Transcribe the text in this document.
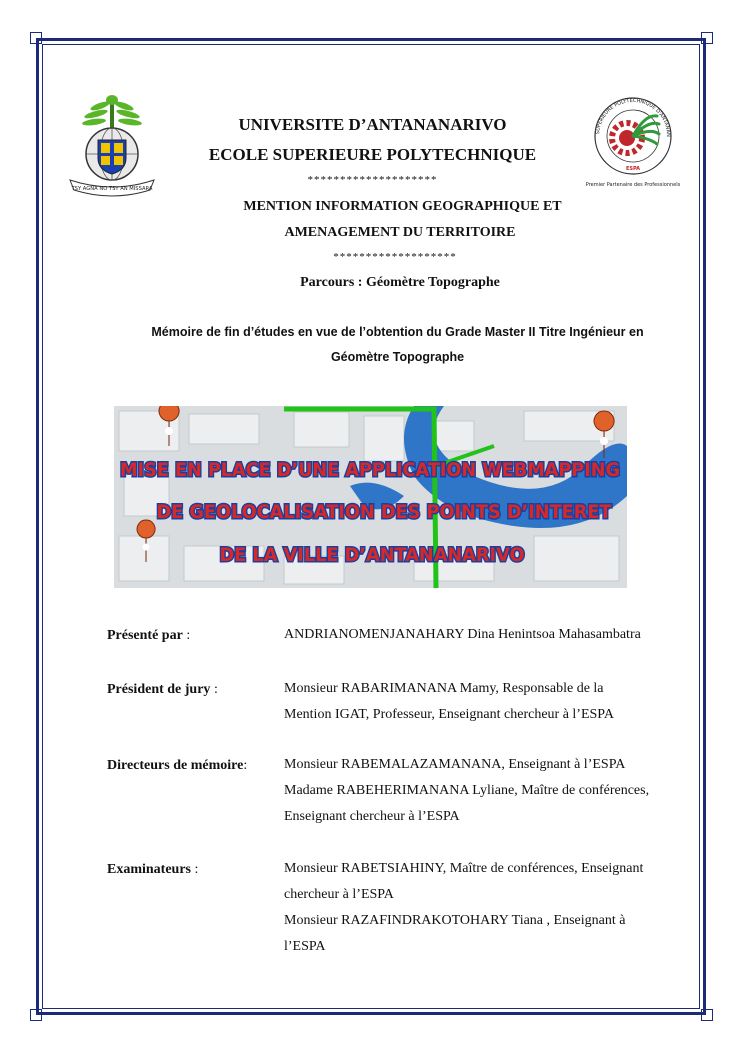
TSY AGNA NO TSY AN MISSARA
SUPERIEURE POLYTECHNIQUE D'ANTANAN
ESPA
Premier Partenaire des Professionnels
UNIVERSITE D’ANTANANARIVO
ECOLE SUPERIEURE POLYTECHNIQUE
********************
MENTION INFORMATION GEOGRAPHIQUE ET
AMENAGEMENT DU TERRITOIRE
*******************
Parcours : Géomètre Topographe
Mémoire de fin d’études en vue de l’obtention du Grade Master II Titre Ingénieur en
Géomètre Topographe
MISE EN PLACE D’UNE APPLICATION WEBMAPPING
DE GEOLOCALISATION DES POINTS D’INTERET
DE LA VILLE D’ANTANANARIVO
Présenté par :	ANDRIANOMENJANAHARY Dina Henintsoa Mahasambatra
Président de jury :	Monsieur RABARIMANANA Mamy, Responsable de la
Mention IGAT, Professeur, Enseignant chercheur à l’ESPA
Directeurs de mémoire:	Monsieur RABEMALAZAMANANA, Enseignant à l’ESPA
Madame RABEHERIMANANA Lyliane, Maître de conférences,
Enseignant chercheur à l’ESPA
Examinateurs :	Monsieur RABETSIAHINY, Maître de conférences, Enseignant
chercheur à l’ESPA
Monsieur RAZAFINDRAKOTOHARY Tiana , Enseignant à
l’ESPA
